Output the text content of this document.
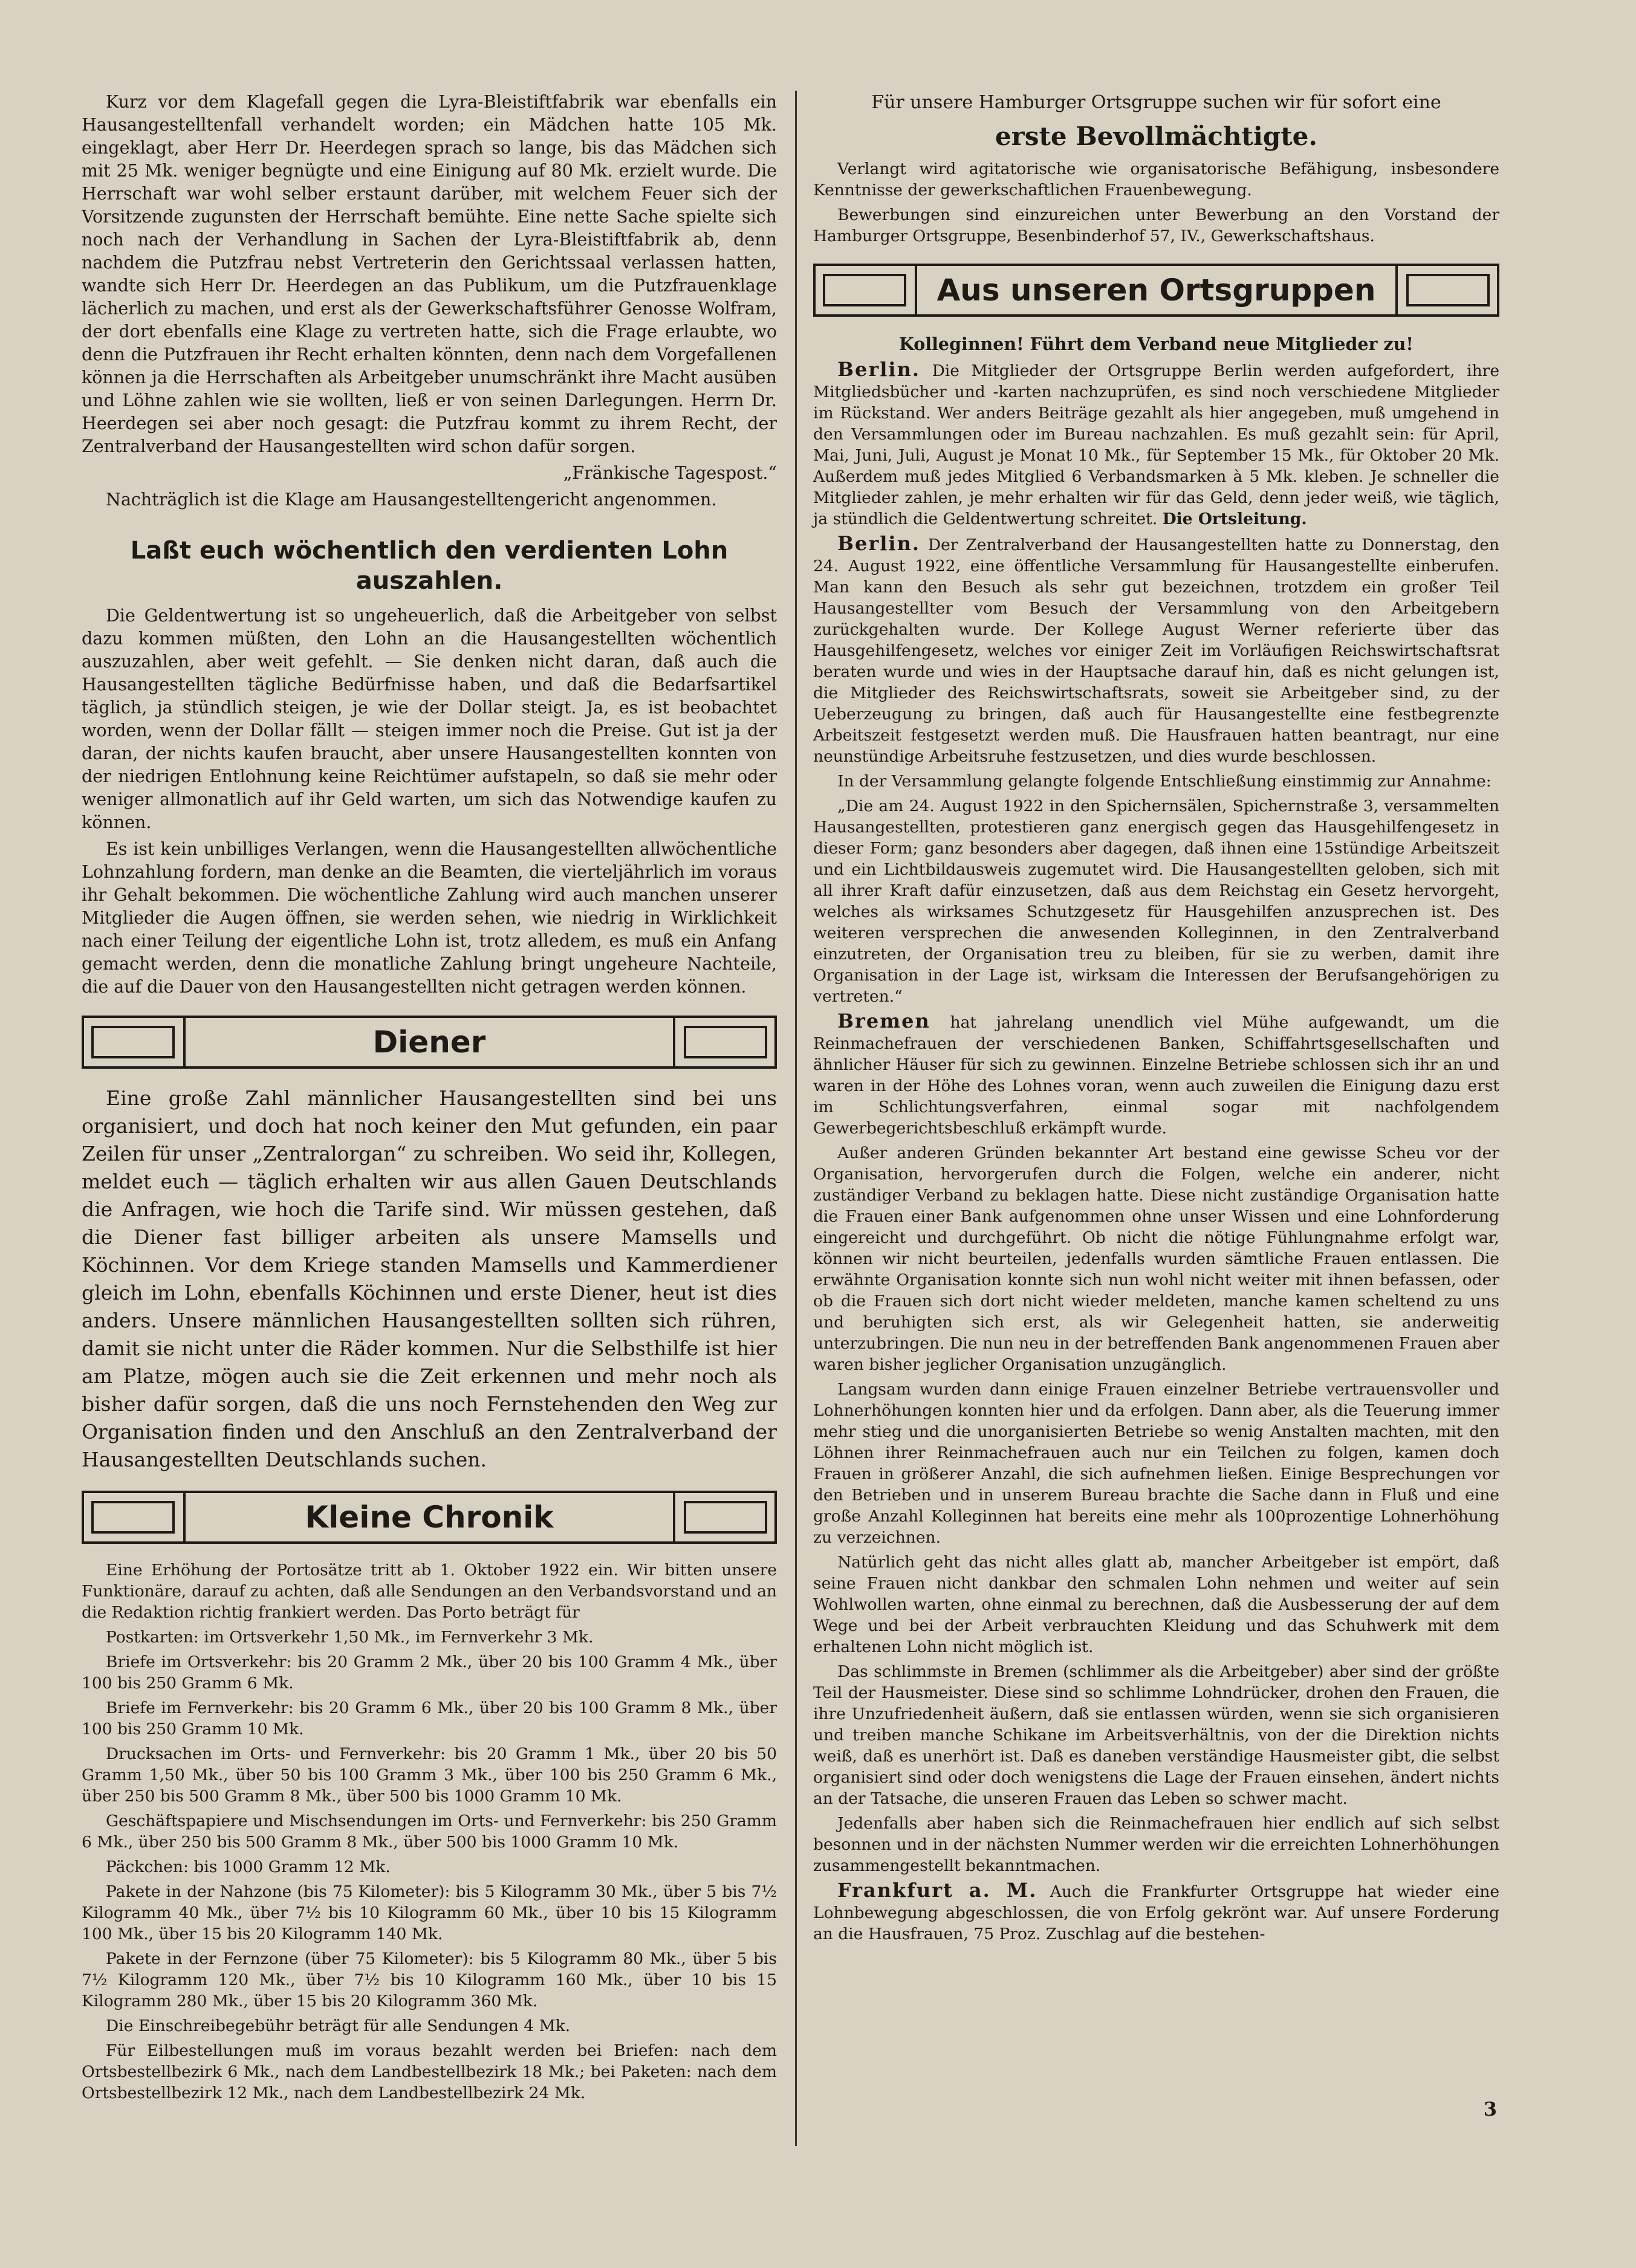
Kurz vor dem Klagefall gegen die Lyra-Bleistiftfabrik war ebenfalls ein Hausangestelltenfall verhandelt worden; ein Mädchen hatte 105 Mk. eingeklagt, aber Herr Dr. Heerdegen sprach so lange, bis das Mädchen sich mit 25 Mk. weniger begnügte und eine Einigung auf 80 Mk. erzielt wurde. Die Herrschaft war wohl selber erstaunt darüber, mit welchem Feuer sich der Vorsitzende zugunsten der Herrschaft bemühte. Eine nette Sache spielte sich noch nach der Verhandlung in Sachen der Lyra-Bleistiftfabrik ab, denn nachdem die Putzfrau nebst Vertreterin den Gerichtssaal verlassen hatten, wandte sich Herr Dr. Heerdegen an das Publikum, um die Putzfrauenklage lächerlich zu machen, und erst als der Gewerkschaftsführer Genosse Wolfram, der dort ebenfalls eine Klage zu vertreten hatte, sich die Frage erlaubte, wo denn die Putzfrauen ihr Recht erhalten könnten, denn nach dem Vorgefallenen können ja die Herrschaften als Arbeitgeber unumschränkt ihre Macht ausüben und Löhne zahlen wie sie wollten, ließ er von seinen Darlegungen. Herrn Dr. Heerdegen sei aber noch gesagt: die Putzfrau kommt zu ihrem Recht, der Zentralverband der Hausangestellten wird schon dafür sorgen.

„Fränkische Tagespost.“

Nachträglich ist die Klage am Hausangestelltengericht angenommen.

Laßt euch wöchentlich den verdienten Lohn auszahlen.

Die Geldentwertung ist so ungeheuerlich, daß die Arbeitgeber von selbst dazu kommen müßten, den Lohn an die Hausangestellten wöchentlich auszuzahlen, aber weit gefehlt. — Sie denken nicht daran, daß auch die Hausangestellten tägliche Bedürfnisse haben, und daß die Bedarfsartikel täglich, ja stündlich steigen, je wie der Dollar steigt. Ja, es ist beobachtet worden, wenn der Dollar fällt — steigen immer noch die Preise. Gut ist ja der daran, der nichts kaufen braucht, aber unsere Hausangestellten konnten von der niedrigen Entlohnung keine Reichtümer aufstapeln, so daß sie mehr oder weniger allmonatlich auf ihr Geld warten, um sich das Notwendige kaufen zu können.

Es ist kein unbilliges Verlangen, wenn die Hausangestellten allwöchentliche Lohnzahlung fordern, man denke an die Beamten, die vierteljährlich im voraus ihr Gehalt bekommen. Die wöchentliche Zahlung wird auch manchen unserer Mitglieder die Augen öffnen, sie werden sehen, wie niedrig in Wirklichkeit nach einer Teilung der eigentliche Lohn ist, trotz alledem, es muß ein Anfang gemacht werden, denn die monatliche Zahlung bringt ungeheure Nachteile, die auf die Dauer von den Hausangestellten nicht getragen werden können.

Diener

Eine große Zahl männlicher Hausangestellten sind bei uns organisiert, und doch hat noch keiner den Mut gefunden, ein paar Zeilen für unser „Zentralorgan“ zu schreiben. Wo seid ihr, Kollegen, meldet euch — täglich erhalten wir aus allen Gauen Deutschlands die Anfragen, wie hoch die Tarife sind. Wir müssen gestehen, daß die Diener fast billiger arbeiten als unsere Mamsells und Köchinnen. Vor dem Kriege standen Mamsells und Kammerdiener gleich im Lohn, ebenfalls Köchinnen und erste Diener, heut ist dies anders. Unsere männlichen Hausangestellten sollten sich rühren, damit sie nicht unter die Räder kommen. Nur die Selbsthilfe ist hier am Platze, mögen auch sie die Zeit erkennen und mehr noch als bisher dafür sorgen, daß die uns noch Fernstehenden den Weg zur Organisation finden und den Anschluß an den Zentralverband der Hausangestellten Deutschlands suchen.

Kleine Chronik

Eine Erhöhung der Portosätze tritt ab 1. Oktober 1922 ein. Wir bitten unsere Funktionäre, darauf zu achten, daß alle Sendungen an den Verbandsvorstand und an die Redaktion richtig frankiert werden. Das Porto beträgt für

Postkarten: im Ortsverkehr 1,50 Mk., im Fernverkehr 3 Mk.

Briefe im Ortsverkehr: bis 20 Gramm 2 Mk., über 20 bis 100 Gramm 4 Mk., über 100 bis 250 Gramm 6 Mk.

Briefe im Fernverkehr: bis 20 Gramm 6 Mk., über 20 bis 100 Gramm 8 Mk., über 100 bis 250 Gramm 10 Mk.

Drucksachen im Orts- und Fernverkehr: bis 20 Gramm 1 Mk., über 20 bis 50 Gramm 1,50 Mk., über 50 bis 100 Gramm 3 Mk., über 100 bis 250 Gramm 6 Mk., über 250 bis 500 Gramm 8 Mk., über 500 bis 1000 Gramm 10 Mk.

Geschäftspapiere und Mischsendungen im Orts- und Fernverkehr: bis 250 Gramm 6 Mk., über 250 bis 500 Gramm 8 Mk., über 500 bis 1000 Gramm 10 Mk.

Päckchen: bis 1000 Gramm 12 Mk.

Pakete in der Nahzone (bis 75 Kilometer): bis 5 Kilogramm 30 Mk., über 5 bis 7½ Kilogramm 40 Mk., über 7½ bis 10 Kilogramm 60 Mk., über 10 bis 15 Kilogramm 100 Mk., über 15 bis 20 Kilogramm 140 Mk.

Pakete in der Fernzone (über 75 Kilometer): bis 5 Kilogramm 80 Mk., über 5 bis 7½ Kilogramm 120 Mk., über 7½ bis 10 Kilogramm 160 Mk., über 10 bis 15 Kilogramm 280 Mk., über 15 bis 20 Kilogramm 360 Mk.

Die Einschreibegebühr beträgt für alle Sendungen 4 Mk.

Für Eilbestellungen muß im voraus bezahlt werden bei Briefen: nach dem Ortsbestellbezirk 6 Mk., nach dem Landbestellbezirk 18 Mk.; bei Paketen: nach dem Ortsbestellbezirk 12 Mk., nach dem Landbestellbezirk 24 Mk.

Für unsere Hamburger Ortsgruppe suchen wir für sofort eine
erste Bevollmächtigte.

Verlangt wird agitatorische wie organisatorische Befähigung, insbesondere Kenntnisse der gewerkschaftlichen Frauenbewegung.

Bewerbungen sind einzureichen unter Bewerbung an den Vorstand der Hamburger Ortsgruppe, Besenbinderhof 57, IV., Gewerkschaftshaus.

Aus unseren Ortsgruppen

Kolleginnen! Führt dem Verband neue Mitglieder zu!

Berlin. Die Mitglieder der Ortsgruppe Berlin werden aufgefordert, ihre Mitgliedsbücher und -karten nachzuprüfen, es sind noch verschiedene Mitglieder im Rückstand. Wer anders Beiträge gezahlt als hier angegeben, muß umgehend in den Versammlungen oder im Bureau nachzahlen. Es muß gezahlt sein: für April, Mai, Juni, Juli, August je Monat 10 Mk., für September 15 Mk., für Oktober 20 Mk. Außerdem muß jedes Mitglied 6 Verbandsmarken à 5 Mk. kleben. Je schneller die Mitglieder zahlen, je mehr erhalten wir für das Geld, denn jeder weiß, wie täglich, ja stündlich die Geldentwertung schreitet. Die Ortsleitung.

Berlin. Der Zentralverband der Hausangestellten hatte zu Donnerstag, den 24. August 1922, eine öffentliche Versammlung für Hausangestellte einberufen. Man kann den Besuch als sehr gut bezeichnen, trotzdem ein großer Teil Hausangestellter vom Besuch der Versammlung von den Arbeitgebern zurückgehalten wurde. Der Kollege August Werner referierte über das Hausgehilfengesetz, welches vor einiger Zeit im Vorläufigen Reichswirtschaftsrat beraten wurde und wies in der Hauptsache darauf hin, daß es nicht gelungen ist, die Mitglieder des Reichswirtschaftsrats, soweit sie Arbeitgeber sind, zu der Ueberzeugung zu bringen, daß auch für Hausangestellte eine festbegrenzte Arbeitszeit festgesetzt werden muß. Die Hausfrauen hatten beantragt, nur eine neunstündige Arbeitsruhe festzusetzen, und dies wurde beschlossen.

In der Versammlung gelangte folgende Entschließung einstimmig zur Annahme:

„Die am 24. August 1922 in den Spichernsälen, Spichernstraße 3, versammelten Hausangestellten, protestieren ganz energisch gegen das Hausgehilfengesetz in dieser Form; ganz besonders aber dagegen, daß ihnen eine 15stündige Arbeitszeit und ein Lichtbildausweis zugemutet wird. Die Hausangestellten geloben, sich mit all ihrer Kraft dafür einzusetzen, daß aus dem Reichstag ein Gesetz hervorgeht, welches als wirksames Schutzgesetz für Hausgehilfen anzusprechen ist. Des weiteren versprechen die anwesenden Kolleginnen, in den Zentralverband einzutreten, der Organisation treu zu bleiben, für sie zu werben, damit ihre Organisation in der Lage ist, wirksam die Interessen der Berufsangehörigen zu vertreten.“

Bremen hat jahrelang unendlich viel Mühe aufgewandt, um die Reinmachefrauen der verschiedenen Banken, Schiffahrtsgesellschaften und ähnlicher Häuser für sich zu gewinnen. Einzelne Betriebe schlossen sich ihr an und waren in der Höhe des Lohnes voran, wenn auch zuweilen die Einigung dazu erst im Schlichtungsverfahren, einmal sogar mit nachfolgendem Gewerbegerichtsbeschluß erkämpft wurde.

Außer anderen Gründen bekannter Art bestand eine gewisse Scheu vor der Organisation, hervorgerufen durch die Folgen, welche ein anderer, nicht zuständiger Verband zu beklagen hatte. Diese nicht zuständige Organisation hatte die Frauen einer Bank aufgenommen ohne unser Wissen und eine Lohnforderung eingereicht und durchgeführt. Ob nicht die nötige Fühlungnahme erfolgt war, können wir nicht beurteilen, jedenfalls wurden sämtliche Frauen entlassen. Die erwähnte Organisation konnte sich nun wohl nicht weiter mit ihnen befassen, oder ob die Frauen sich dort nicht wieder meldeten, manche kamen scheltend zu uns und beruhigten sich erst, als wir Gelegenheit hatten, sie anderweitig unterzubringen. Die nun neu in der betreffenden Bank angenommenen Frauen aber waren bisher jeglicher Organisation unzugänglich.

Langsam wurden dann einige Frauen einzelner Betriebe vertrauensvoller und Lohnerhöhungen konnten hier und da erfolgen. Dann aber, als die Teuerung immer mehr stieg und die unorganisierten Betriebe so wenig Anstalten machten, mit den Löhnen ihrer Reinmachefrauen auch nur ein Teilchen zu folgen, kamen doch Frauen in größerer Anzahl, die sich aufnehmen ließen. Einige Besprechungen vor den Betrieben und in unserem Bureau brachte die Sache dann in Fluß und eine große Anzahl Kolleginnen hat bereits eine mehr als 100prozentige Lohnerhöhung zu verzeichnen.

Natürlich geht das nicht alles glatt ab, mancher Arbeitgeber ist empört, daß seine Frauen nicht dankbar den schmalen Lohn nehmen und weiter auf sein Wohlwollen warten, ohne einmal zu berechnen, daß die Ausbesserung der auf dem Wege und bei der Arbeit verbrauchten Kleidung und das Schuhwerk mit dem erhaltenen Lohn nicht möglich ist.

Das schlimmste in Bremen (schlimmer als die Arbeitgeber) aber sind der größte Teil der Hausmeister. Diese sind so schlimme Lohndrücker, drohen den Frauen, die ihre Unzufriedenheit äußern, daß sie entlassen würden, wenn sie sich organisieren und treiben manche Schikane im Arbeitsverhältnis, von der die Direktion nichts weiß, daß es unerhört ist. Daß es daneben verständige Hausmeister gibt, die selbst organisiert sind oder doch wenigstens die Lage der Frauen einsehen, ändert nichts an der Tatsache, die unseren Frauen das Leben so schwer macht.

Jedenfalls aber haben sich die Reinmachefrauen hier endlich auf sich selbst besonnen und in der nächsten Nummer werden wir die erreichten Lohnerhöhungen zusammengestellt bekanntmachen.

Frankfurt a. M. Auch die Frankfurter Ortsgruppe hat wieder eine Lohnbewegung abgeschlossen, die von Erfolg gekrönt war. Auf unsere Forderung an die Hausfrauen, 75 Proz. Zuschlag auf die bestehen-

3
